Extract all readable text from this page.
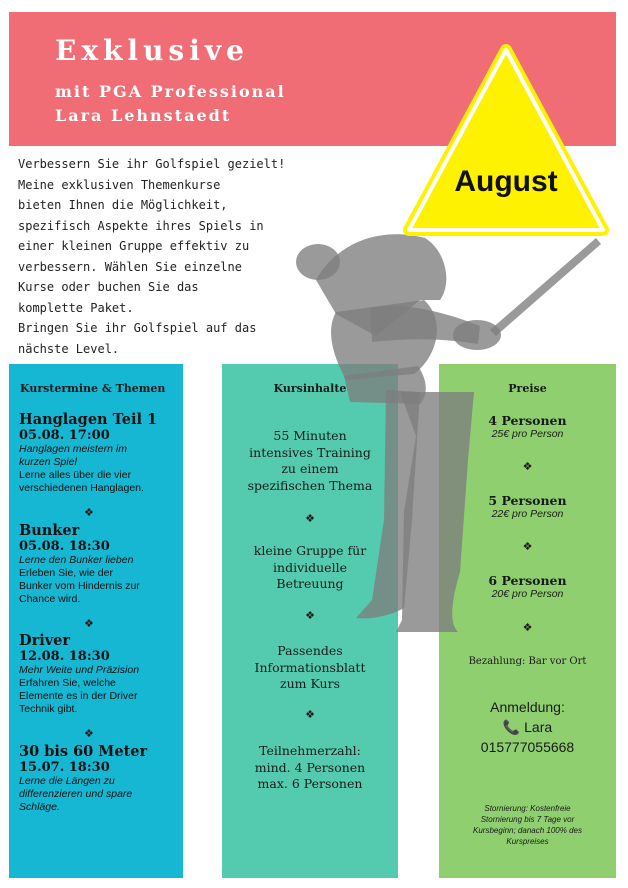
Exklusive
mit PGA Professional
Lara Lehnstaedt
Verbessern Sie ihr Golfspiel gezielt!
Meine exklusiven Themenkurse
bieten Ihnen die Möglichkeit,
spezifisch Aspekte ihres Spiels in
einer kleinen Gruppe effektiv zu
verbessern. Wählen Sie einzelne
Kurse oder buchen Sie das
komplette Paket.
Bringen Sie ihr Golfspiel auf das
nächste Level.
August
Kurstermine & Themen
Hanglagen Teil 1
05.08. 17:00
Hanglagen meistern im
kurzen Spiel
Lerne alles über die vier
verschiedenen Hanglagen.
❖
Bunker
05.08. 18:30
Lerne den Bunker lieben
Erleben Sie, wie der
Bunker vom Hindernis zur
Chance wird.
❖
Driver
12.08. 18:30
Mehr Weite und Präzision
Erfahren Sie, welche
Elemente es in der Driver
Technik gibt.
❖
30 bis 60 Meter
15.07. 18:30
Lerne die Längen zu
differenzieren und spare
Schläge.
Kursinhalte
55 Minuten
intensives Training
zu einem
spezifischen Thema
❖
kleine Gruppe für
individuelle
Betreuung
❖
Passendes
Informationsblatt
zum Kurs
❖
Teilnehmerzahl:
mind. 4 Personen
max. 6 Personen
Preise
4 Personen
25€ pro Person
❖
5 Personen
22€ pro Person
❖
6 Personen
20€ pro Person
❖
Bezahlung: Bar vor Ort
Anmeldung:
📞 Lara
015777055668
Stornierung: Kostenfreie
Stornierung bis 7 Tage vor
Kursbeginn; danach 100% des
Kurspreises
